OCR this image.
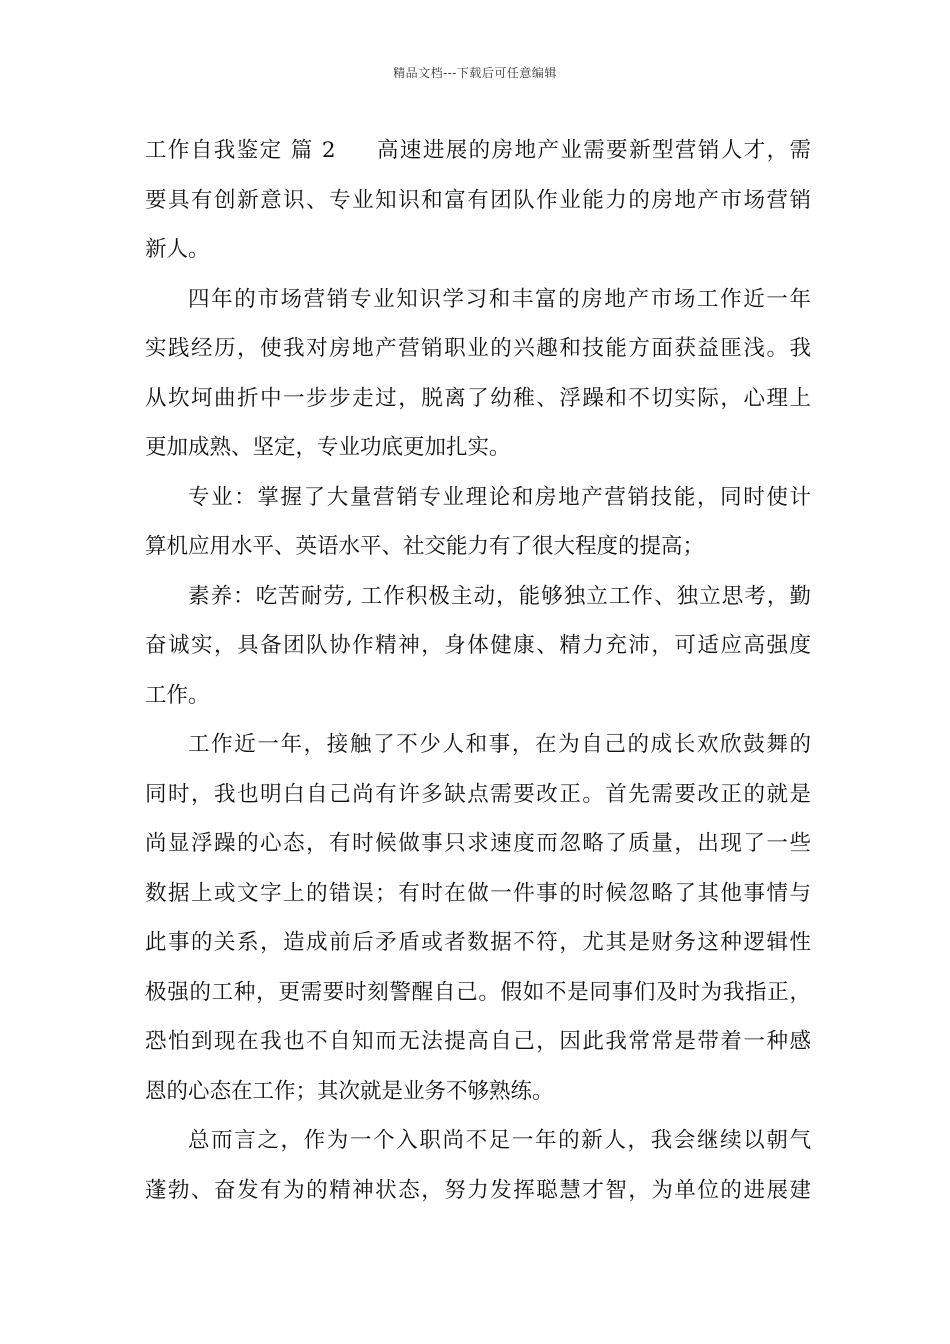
精品文档---下载后可任意编辑
工作自我鉴定 篇 2 高速进展的房地产业需要新型营销人才，需
要具有创新意识、专业知识和富有团队作业能力的房地产市场营销
新人。
四年的市场营销专业知识学习和丰富的房地产市场工作近一年
实践经历，使我对房地产营销职业的兴趣和技能方面获益匪浅。我
从坎坷曲折中一步步走过，脱离了幼稚、浮躁和不切实际，心理上
更加成熟、坚定，专业功底更加扎实。
专业：掌握了大量营销专业理论和房地产营销技能，同时使计
算机应用水平、英语水平、社交能力有了很大程度的提高；
素养：吃苦耐劳, 工作积极主动，能够独立工作、独立思考，勤
奋诚实，具备团队协作精神，身体健康、精力充沛，可适应高强度
工作。
工作近一年，接触了不少人和事，在为自己的成长欢欣鼓舞的
同时，我也明白自己尚有许多缺点需要改正。首先需要改正的就是
尚显浮躁的心态，有时候做事只求速度而忽略了质量，出现了一些
数据上或文字上的错误；有时在做一件事的时候忽略了其他事情与
此事的关系，造成前后矛盾或者数据不符，尤其是财务这种逻辑性
极强的工种，更需要时刻警醒自己。假如不是同事们及时为我指正，
恐怕到现在我也不自知而无法提高自己，因此我常常是带着一种感
恩的心态在工作；其次就是业务不够熟练。
总而言之，作为一个入职尚不足一年的新人，我会继续以朝气
蓬勃、奋发有为的精神状态，努力发挥聪慧才智，为单位的进展建
